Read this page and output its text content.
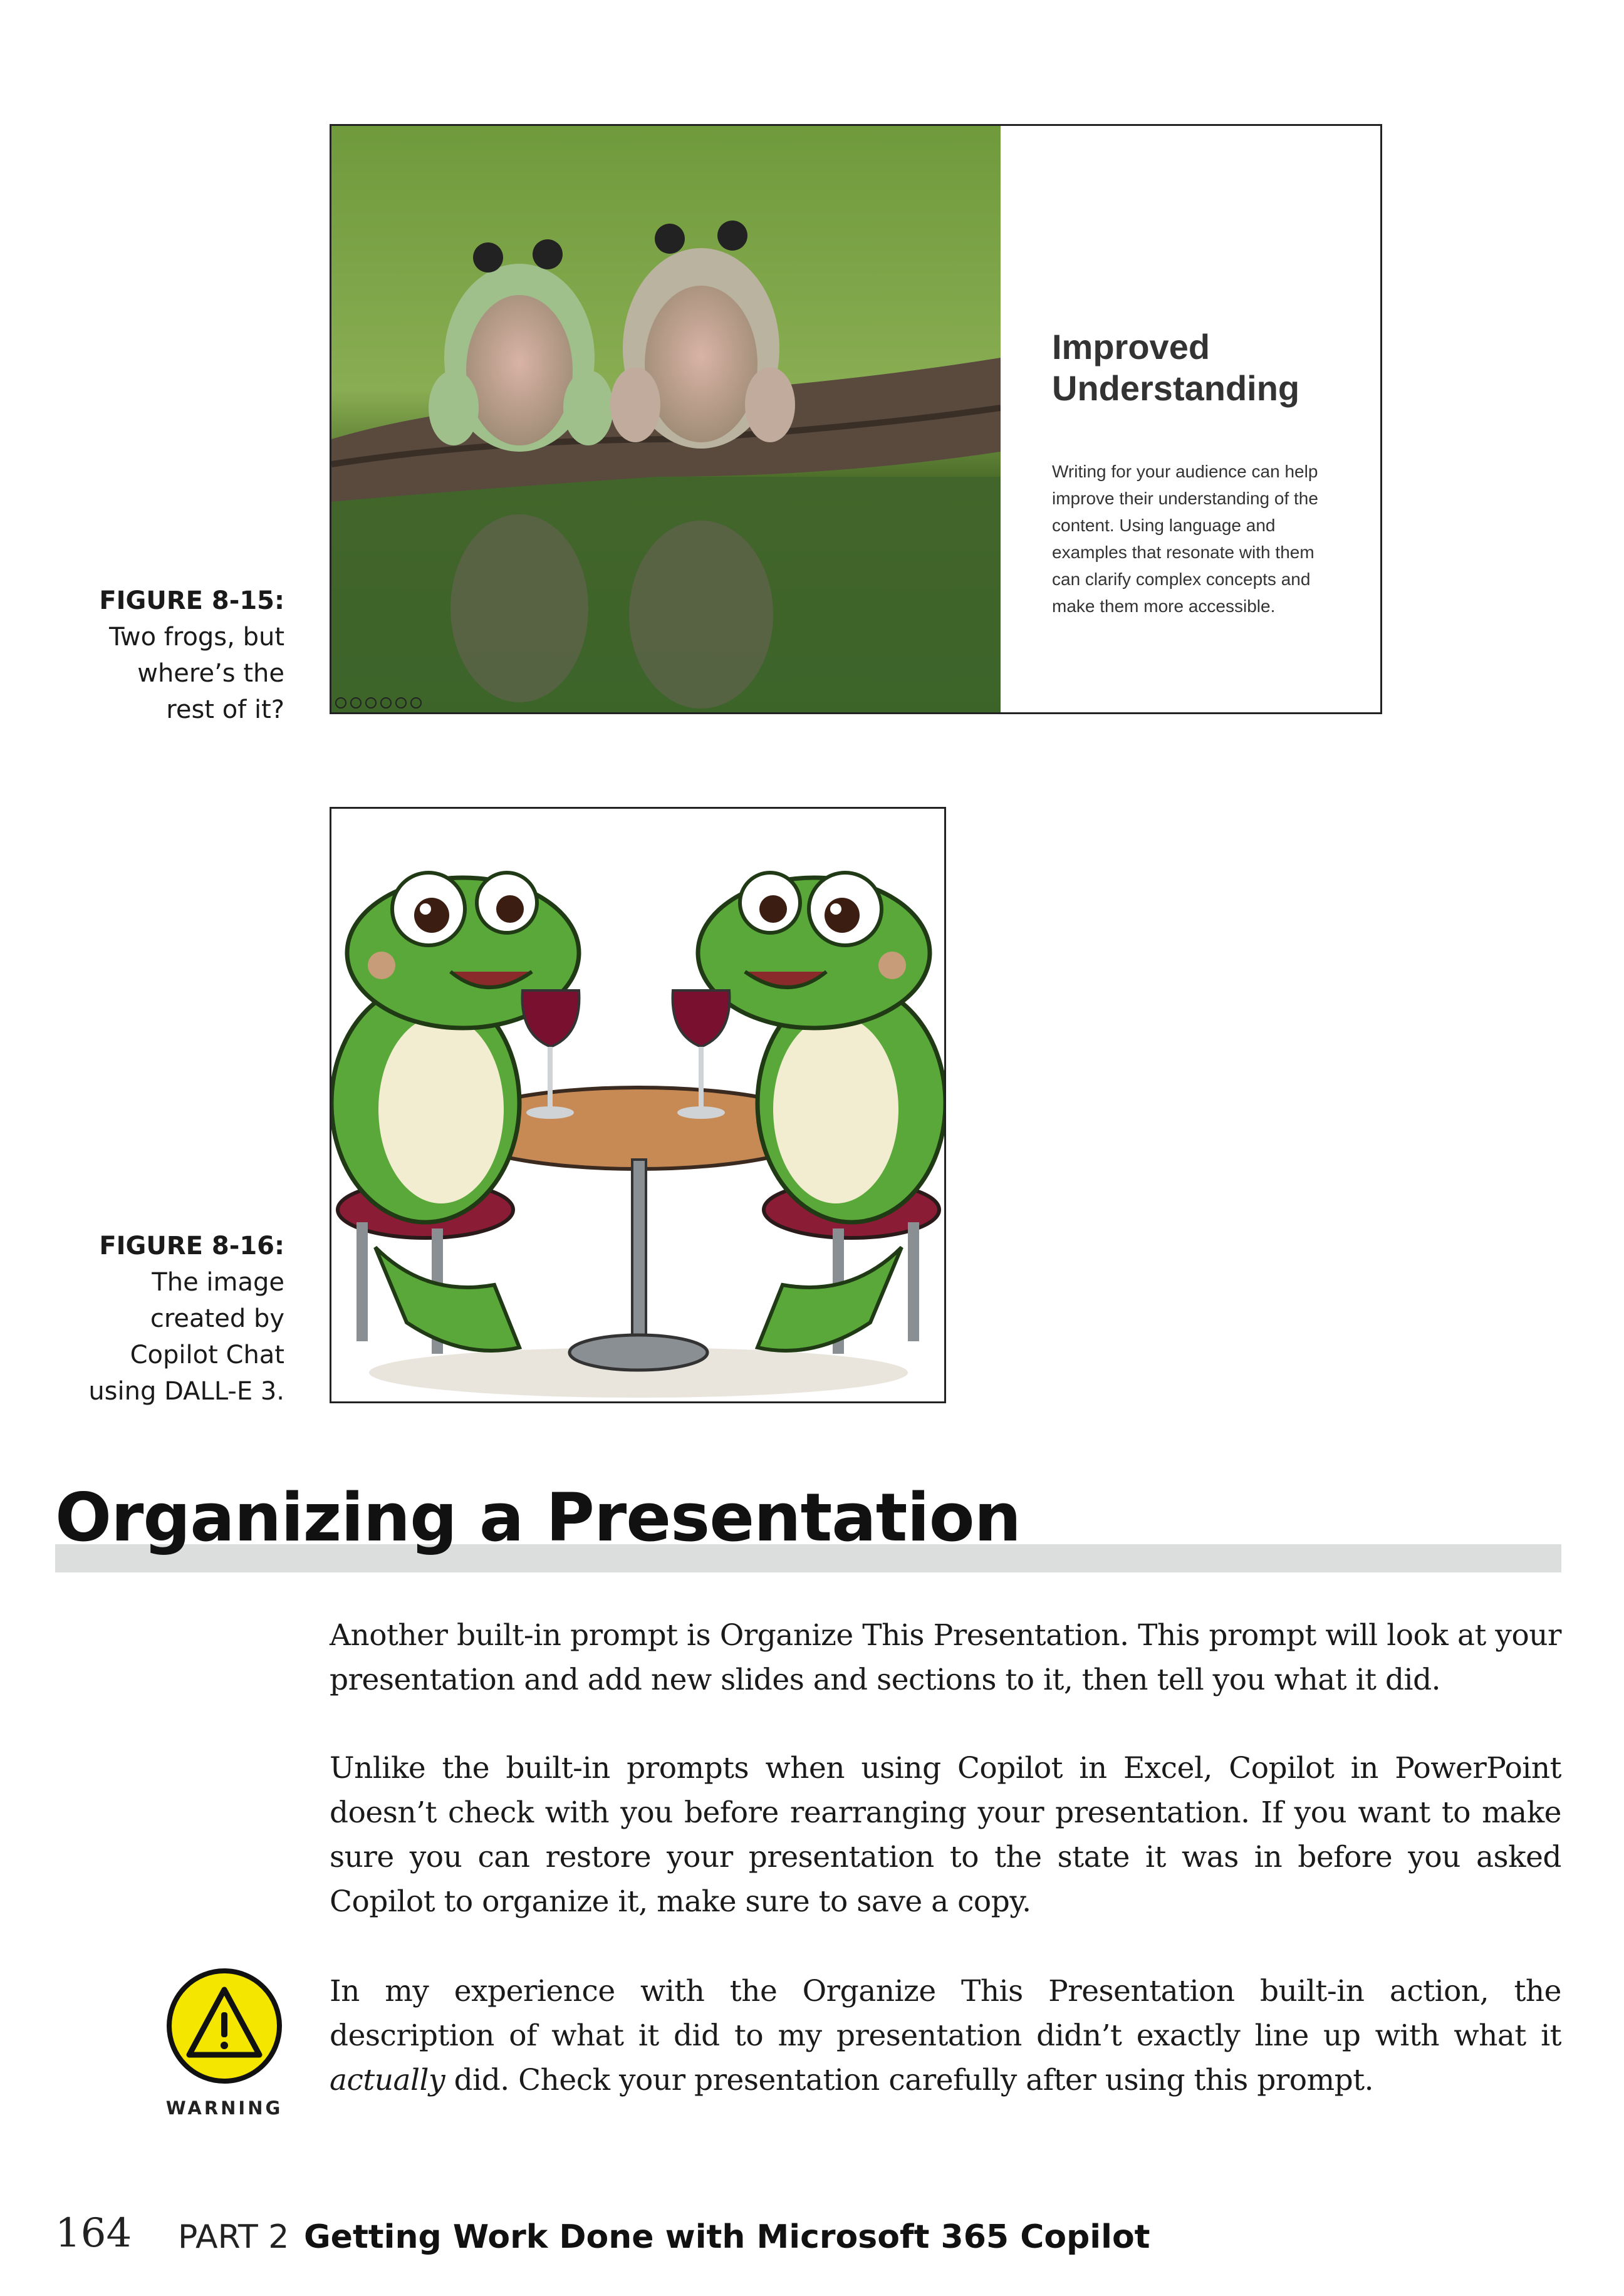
FIGURE 8-15:
Two frogs, but
where’s the
rest of it?
Improved Understanding
Writing for your audience can help improve their understanding of the content. Using language and examples that resonate with them can clarify complex concepts and make them more accessible.
FIGURE 8-16:
The image
created by
Copilot Chat
using DALL-E 3.
Organizing a Presentation

Another built-in prompt is Organize This Presentation. This prompt will look at your presentation and add new slides and sections to it, then tell you what it did.

Unlike the built-in prompts when using Copilot in Excel, Copilot in PowerPoint doesn’t check with you before rearranging your presentation. If you want to make sure you can restore your presentation to the state it was in before you asked Copilot to organize it, make sure to save a copy.

WARNING

In my experience with the Organize This Presentation built-in action, the description of what it did to my presentation didn’t exactly line up with what it actually did. Check your presentation carefully after using this prompt.

164 PART 2 Getting Work Done with Microsoft 365 Copilot
